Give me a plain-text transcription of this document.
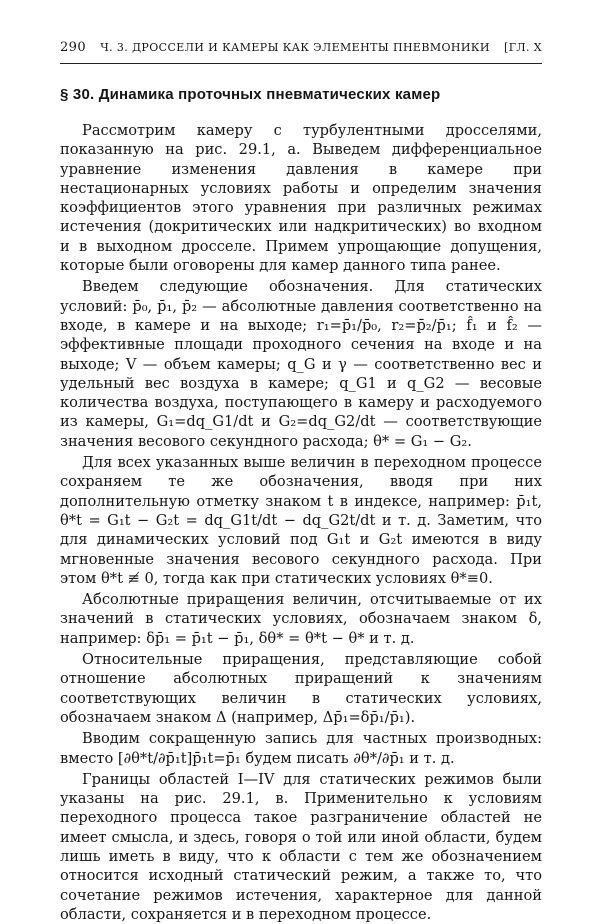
290 Ч. 3. ДРОССЕЛИ И КАМЕРЫ КАК ЭЛЕМЕНТЫ ПНЕВМОНИКИ [ГЛ. X
§ 30. Динамика проточных пневматических камер

Рассмотрим камеру с турбулентными дросселями, показанную на рис. 29.1, а. Выведем дифференциальное уравнение изменения давления в камере при нестационарных условиях работы и определим значения коэффициентов этого уравнения при различных режимах истечения (докритических или надкритических) во входном и в выходном дросселе. Примем упрощающие допущения, которые были оговорены для камер данного типа ранее.

Введем следующие обозначения. Для статических условий: p̄₀, p̄₁, p̄₂ — абсолютные давления соответственно на входе, в камере и на выходе; r₁=p̄₁/p̄₀, r₂=p̄₂/p̄₁; f̂₁ и f̂₂ — эффективные площади проходного сечения на входе и на выходе; V — объем камеры; q_G и γ — соответственно вес и удельный вес воздуха в камере; q_G1 и q_G2 — весовые количества воздуха, поступающего в камеру и расходуемого из камеры, G₁=dq_G1/dt и G₂=dq_G2/dt — соответствующие значения весового секундного расхода; θ* = G₁ − G₂.

Для всех указанных выше величин в переходном процессе сохраняем те же обозначения, вводя при них дополнительную отметку знаком t в индексе, например: p̄₁t, θ*t = G₁t − G₂t = dq_G1t/dt − dq_G2t/dt и т. д. Заметим, что для динамических условий под G₁t и G₂t имеются в виду мгновенные значения весового секундного расхода. При этом θ*t ≢ 0, тогда как при статических условиях θ*≡0.

Абсолютные приращения величин, отсчитываемые от их значений в статических условиях, обозначаем знаком δ, например: δp̄₁ = p̄₁t − p̄₁, δθ* = θ*t − θ* и т. д.

Относительные приращения, представляющие собой отношение абсолютных приращений к значениям соответствующих величин в статических условиях, обозначаем знаком Δ (например, Δp̄₁=δp̄₁/p̄₁).

Вводим сокращенную запись для частных производных: вместо [∂θ*t/∂p̄₁t]p̄₁t=p̄₁ будем писать ∂θ*/∂p̄₁ и т. д.

Границы областей I—IV для статических режимов были указаны на рис. 29.1, в. Применительно к условиям переходного процесса такое разграничение областей не имеет смысла, и здесь, говоря о той или иной области, будем лишь иметь в виду, что к области с тем же обозначением относится исходный статический режим, а также то, что сочетание режимов истечения, характерное для данной области, сохраняется и в переходном процессе.
